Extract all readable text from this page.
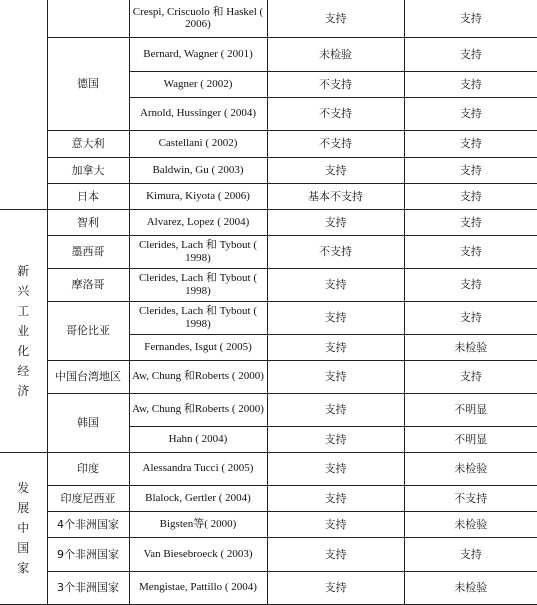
		Crespi, Criscuolo 和 Haskel ( 2006)	支持	支持
	德国	Bernard, Wagner ( 2001)	未检验	支持
		Wagner ( 2002)	不支持	支持
		Arnold, Hussinger ( 2004)	不支持	支持
	意大利	Castellani ( 2002)	不支持	支持
	加拿大	Baldwin, Gu ( 2003)	支持	支持
	日本	Kimura, Kiyota ( 2006)	基本不支持	支持
新兴工业化经济	智利	Alvarez, Lopez ( 2004)	支持	支持
	墨西哥	Clerides, Lach 和 Tybout ( 1998)	不支持	支持
	摩洛哥	Clerides, Lach 和 Tybout ( 1998)	支持	支持
	哥伦比亚	Clerides, Lach 和 Tybout ( 1998)	支持	支持
		Fernandes, Isgut ( 2005)	支持	未检验
	中国台湾地区	Aw, Chung 和Roberts ( 2000)	支持	支持
	韩国	Aw, Chung 和Roberts ( 2000)	支持	不明显
		Hahn ( 2004)	支持	不明显
发展中国家	印度	Alessandra Tucci ( 2005)	支持	未检验
	印度尼西亚	Blalock, Gertler ( 2004)	支持	不支持
	4个非洲国家	Bigsten等( 2000)	支持	未检验
	9个非洲国家	Van Biesebroeck ( 2003)	支持	支持
	3个非洲国家	Mengistae, Pattillo ( 2004)	支持	未检验
